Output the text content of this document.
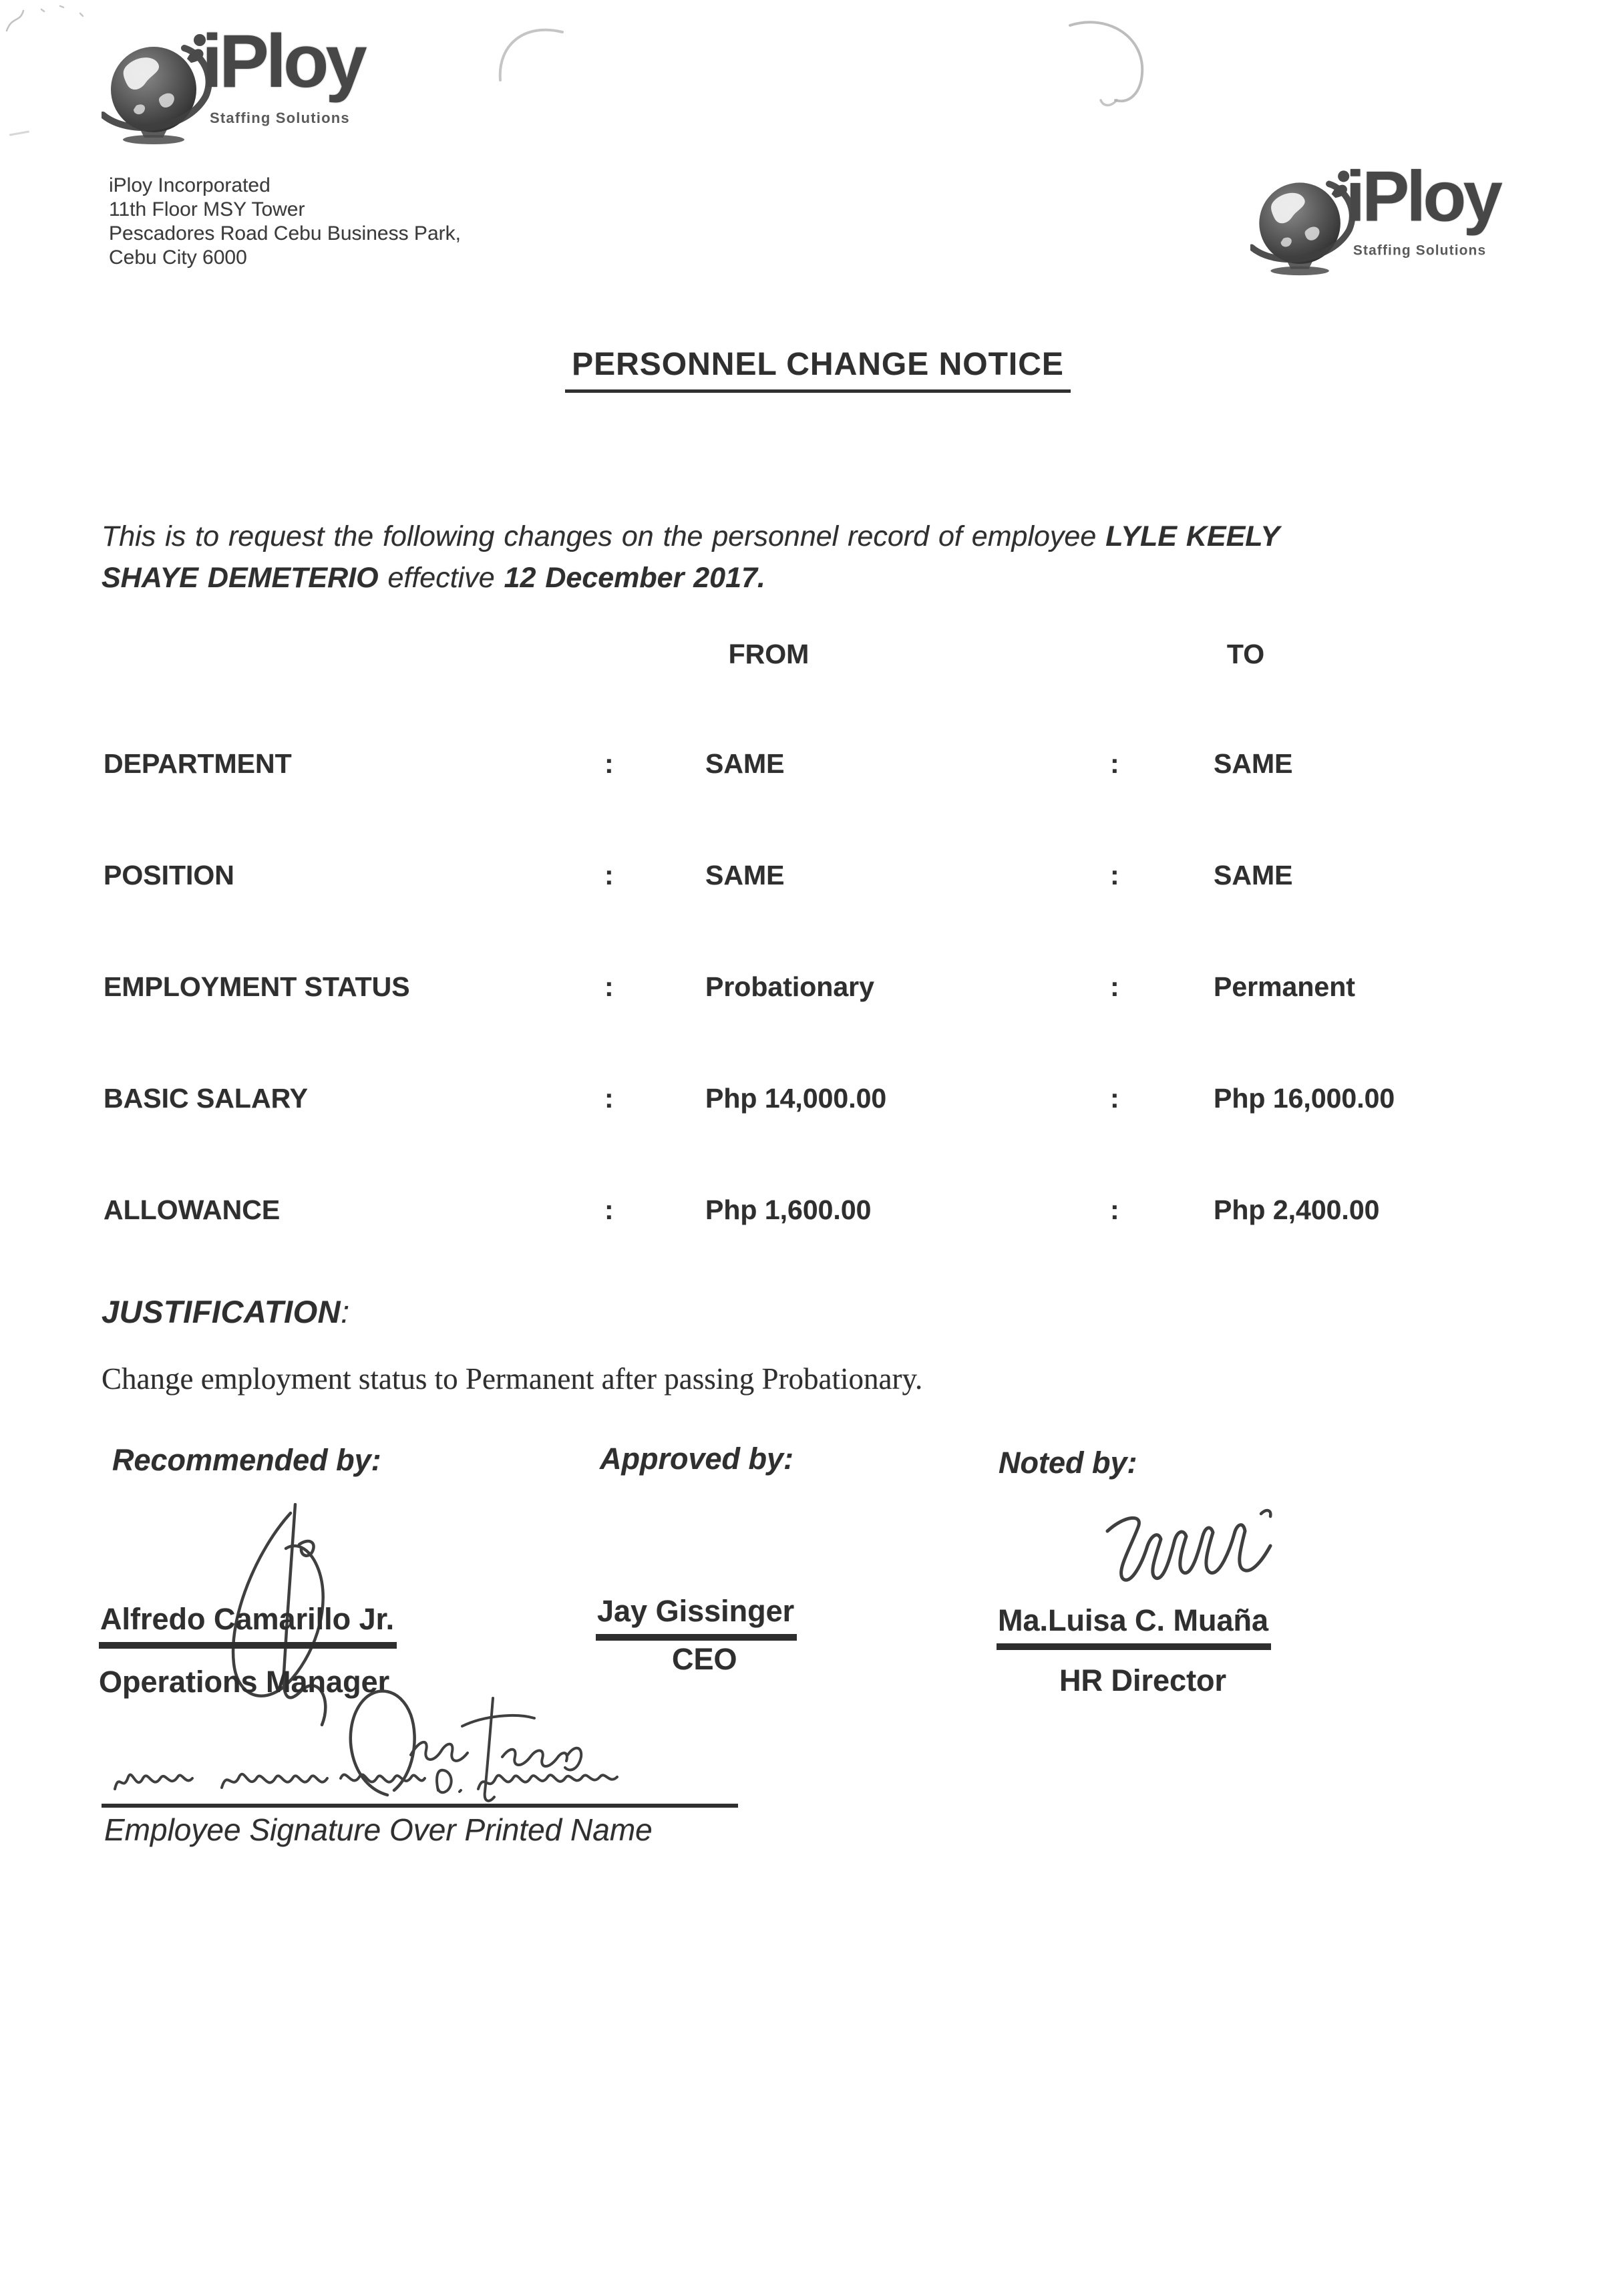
iPloy
Staffing Solutions
iPloy Incorporated
11th Floor MSY Tower
Pescadores Road Cebu Business Park,
Cebu City 6000
iPloy
Staffing Solutions
PERSONNEL CHANGE NOTICE
This is to request the following changes on the personnel record of employee LYLE KEELY SHAYE DEMETERIO effective 12 December 2017.
FROM	TO
DEPARTMENT	:	SAME	:	SAME
POSITION	:	SAME	:	SAME
EMPLOYMENT STATUS	:	Probationary	:	Permanent
BASIC SALARY	:	Php 14,000.00	:	Php 16,000.00
ALLOWANCE	:	Php 1,600.00	:	Php 2,400.00
JUSTIFICATION:
Change employment status to Permanent after passing Probationary.
Recommended by:	Approved by:	Noted by:
Alfredo Camarillo Jr.	Jay Gissinger	Ma.Luisa C. Muaña
Operations Manager
CEO
HR Director
Employee Signature Over Printed Name
